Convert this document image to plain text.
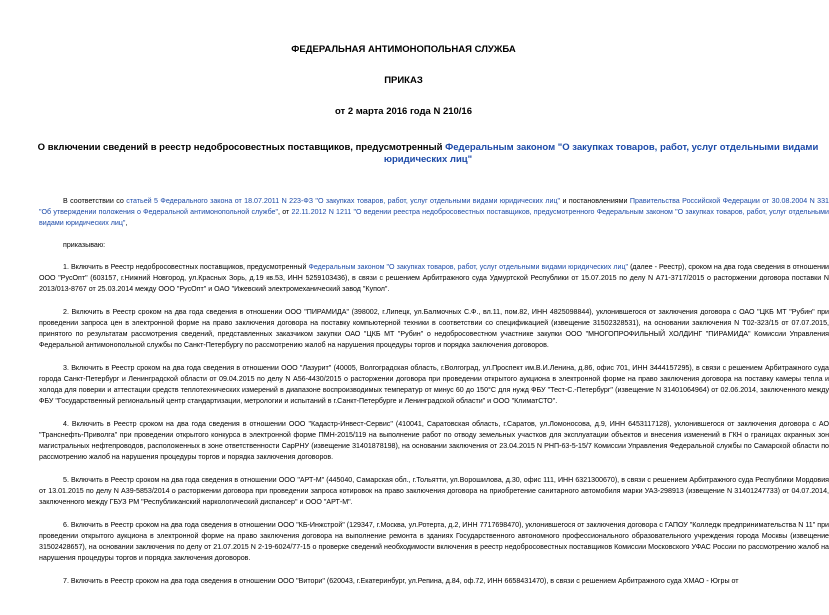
ФЕДЕРАЛЬНАЯ АНТИМОНОПОЛЬНАЯ СЛУЖБА
ПРИКАЗ
от 2 марта 2016 года N 210/16
О включении сведений в реестр недобросовестных поставщиков, предусмотренный Федеральным законом "О закупках товаров, работ, услуг отдельными видами юридических лиц"
В соответствии со статьей 5 Федерального закона от 18.07.2011 N 223-ФЗ "О закупках товаров, работ, услуг отдельными видами юридических лиц" и постановлениями Правительства Российской Федерации от 30.08.2004 N 331 "Об утверждении положения о Федеральной антимонопольной службе", от 22.11.2012 N 1211 "О ведении реестра недобросовестных поставщиков, предусмотренного Федеральным законом "О закупках товаров, работ, услуг отдельными видами юридических лиц",
приказываю:
1. Включить в Реестр недобросовестных поставщиков, предусмотренный Федеральным законом "О закупках товаров, работ, услуг отдельными видами юридических лиц" (далее - Реестр), сроком на два года сведения в отношении ООО "РусОпт" (603157, г.Нижний Новгород, ул.Красных Зорь, д.19 кв.53, ИНН 5259103436), в связи с решением Арбитражного суда Удмуртской Республики от 15.07.2015 по делу N А71-3717/2015 о расторжении договора поставки N 2013/013-8767 от 25.03.2014 между ООО "РусОпт" и ОАО "Ижевский электромеханический завод "Купол".
2. Включить в Реестр сроком на два года сведения в отношении ООО "ПИРАМИДА" (398002, г.Липецк, ул.Балмочных С.Ф., вл.11, пом.82, ИНН 4825098844), уклонившегося от заключения договора с ОАО "ЦКБ МТ "Рубин" при проведении запроса цен в электронной форме на право заключения договора на поставку компьютерной техники в соответствии со спецификацией (извещение 31502328531), на основании заключения N Т02-323/15 от 07.07.2015, принятого по результатам рассмотрения сведений, представленных заказчиком закупки ОАО "ЦКБ МТ "Рубин" о недобросовестном участнике закупки ООО "МНОГОПРОФИЛЬНЫЙ ХОЛДИНГ "ПИРАМИДА" Комиссии Управления Федеральной антимонопольной службы по Санкт-Петербургу по рассмотрению жалоб на нарушения процедуры торгов и порядка заключения договоров.
3. Включить в Реестр сроком на два года сведения в отношении ООО "Лазурит" (40005, Волгоградская область, г.Волгоград, ул.Проспект им.В.И.Ленина, д.86, офис 701, ИНН 3444157295), в связи с решением Арбитражного суда города Санкт-Петербург и Ленинградской области от 09.04.2015 по делу N А56-4430/2015 о расторжении договора при проведении открытого аукциона в электронной форме на право заключения договора на поставку камеры тепла и холода для поверки и аттестации средств теплотехнических измерений в диапазоне воспроизводимых температур от минус 60 до 150°С для нужд ФБУ "Тест-С.-Петербург" (извещение N 31401064964) от 02.06.2014, заключенного между ФБУ "Государственный региональный центр стандартизации, метрологии и испытаний в г.Санкт-Петербурге и Ленинградской области" и ООО "КлиматСТО".
4. Включить в Реестр сроком на два года сведения в отношении ООО "Кадастр-Инвест-Сервис" (410041, Саратовская область, г.Саратов, ул.Ломоносова, д.9, ИНН 6453117128), уклонившегося от заключения договора с АО "Транснефть-Приволга" при проведении открытого конкурса в электронной форме ПМН-2015/119 на выполнение работ по отводу земельных участков для эксплуатации объектов и внесения изменений в ГКН о границах охранных зон магистральных нефтепроводов, расположенных в зоне ответственности СарРНУ (извещение 31401878198), на основании заключения от 23.04.2015 N РНП-63-5-15/7 Комиссии Управления Федеральной службы по Самарской области по рассмотрению жалоб на нарушения процедуры торгов и порядка заключения договоров.
5. Включить в Реестр сроком на два года сведения в отношении ООО "АРТ-М" (445040, Самарская обл., г.Тольятти, ул.Ворошилова, д.30, офис 111, ИНН 6321300670), в связи с решением Арбитражного суда Республики Мордовия от 13.01.2015 по делу N А39-5853/2014 о расторжении договора при проведении запроса котировок на право заключения договора на приобретение санитарного автомобиля марки УАЗ-298913 (извещение N 31401247733) от 04.07.2014, заключенного между ГБУЗ РМ "Республиканский наркологический диспансер" и ООО "АРТ-М".
6. Включить в Реестр сроком на два года сведения в отношении ООО "КБ-Инжстрой" (129347, г.Москва, ул.Ротерта, д.2, ИНН 7717698470), уклонившегося от заключения договора с ГАПОУ "Колледж предпринимательства N 11" при проведении открытого аукциона в электронной форме на право заключения договора на выполнение ремонта в зданиях Государственного автономного профессионального образовательного учреждения города Москвы (извещение 31502428657), на основании заключения по делу от 21.07.2015 N 2-19-6024/77-15 о проверке сведений необходимости включения в реестр недобросовестных поставщиков Комиссии Московского УФАС России по рассмотрению жалоб на нарушения процедуры торгов и порядка заключения договоров.
7. Включить в Реестр сроком на два года сведения в отношении ООО "Витори" (620043, г.Екатеринбург, ул.Репина, д.84, оф.72, ИНН 6658431470), в связи с решением Арбитражного суда ХМАО - Югры от
